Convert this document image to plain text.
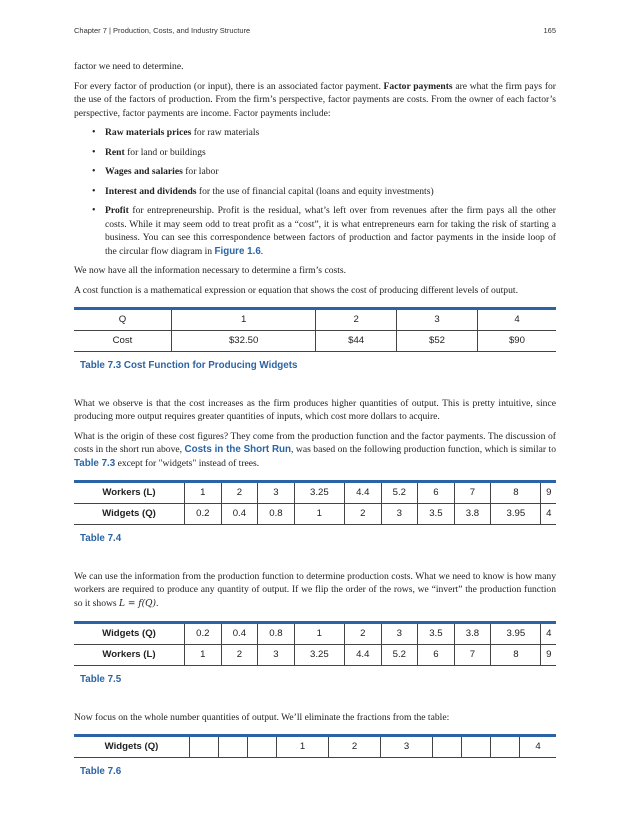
Chapter 7 | Production, Costs, and Industry Structure	165

factor we need to determine.

For every factor of production (or input), there is an associated factor payment. Factor payments are what the firm pays for the use of the factors of production. From the firm’s perspective, factor payments are costs. From the owner of each factor’s perspective, factor payments are income. Factor payments include:

• Raw materials prices for raw materials
• Rent for land or buildings
• Wages and salaries for labor
• Interest and dividends for the use of financial capital (loans and equity investments)
• Profit for entrepreneurship. Profit is the residual, what’s left over from revenues after the firm pays all the other costs. While it may seem odd to treat profit as a “cost”, it is what entrepreneurs earn for taking the risk of starting a business. You can see this correspondence between factors of production and factor payments in the inside loop of the circular flow diagram in Figure 1.6.

We now have all the information necessary to determine a firm’s costs.

A cost function is a mathematical expression or equation that shows the cost of producing different levels of output.

Q	1	2	3	4
Cost	$32.50	$44	$52	$90
Table 7.3 Cost Function for Producing Widgets

What we observe is that the cost increases as the firm produces higher quantities of output. This is pretty intuitive, since producing more output requires greater quantities of inputs, which cost more dollars to acquire.

What is the origin of these cost figures? They come from the production function and the factor payments. The discussion of costs in the short run above, Costs in the Short Run, was based on the following production function, which is similar to Table 7.3 except for "widgets" instead of trees.

Workers (L)	1	2	3	3.25	4.4	5.2	6	7	8	9
Widgets (Q)	0.2	0.4	0.8	1	2	3	3.5	3.8	3.95	4
Table 7.4

We can use the information from the production function to determine production costs. What we need to know is how many workers are required to produce any quantity of output. If we flip the order of the rows, we “invert” the production function so it shows L = f(Q).

Widgets (Q)	0.2	0.4	0.8	1	2	3	3.5	3.8	3.95	4
Workers (L)	1	2	3	3.25	4.4	5.2	6	7	8	9
Table 7.5

Now focus on the whole number quantities of output. We’ll eliminate the fractions from the table:

Widgets (Q)				1	2	3				4
Table 7.6
